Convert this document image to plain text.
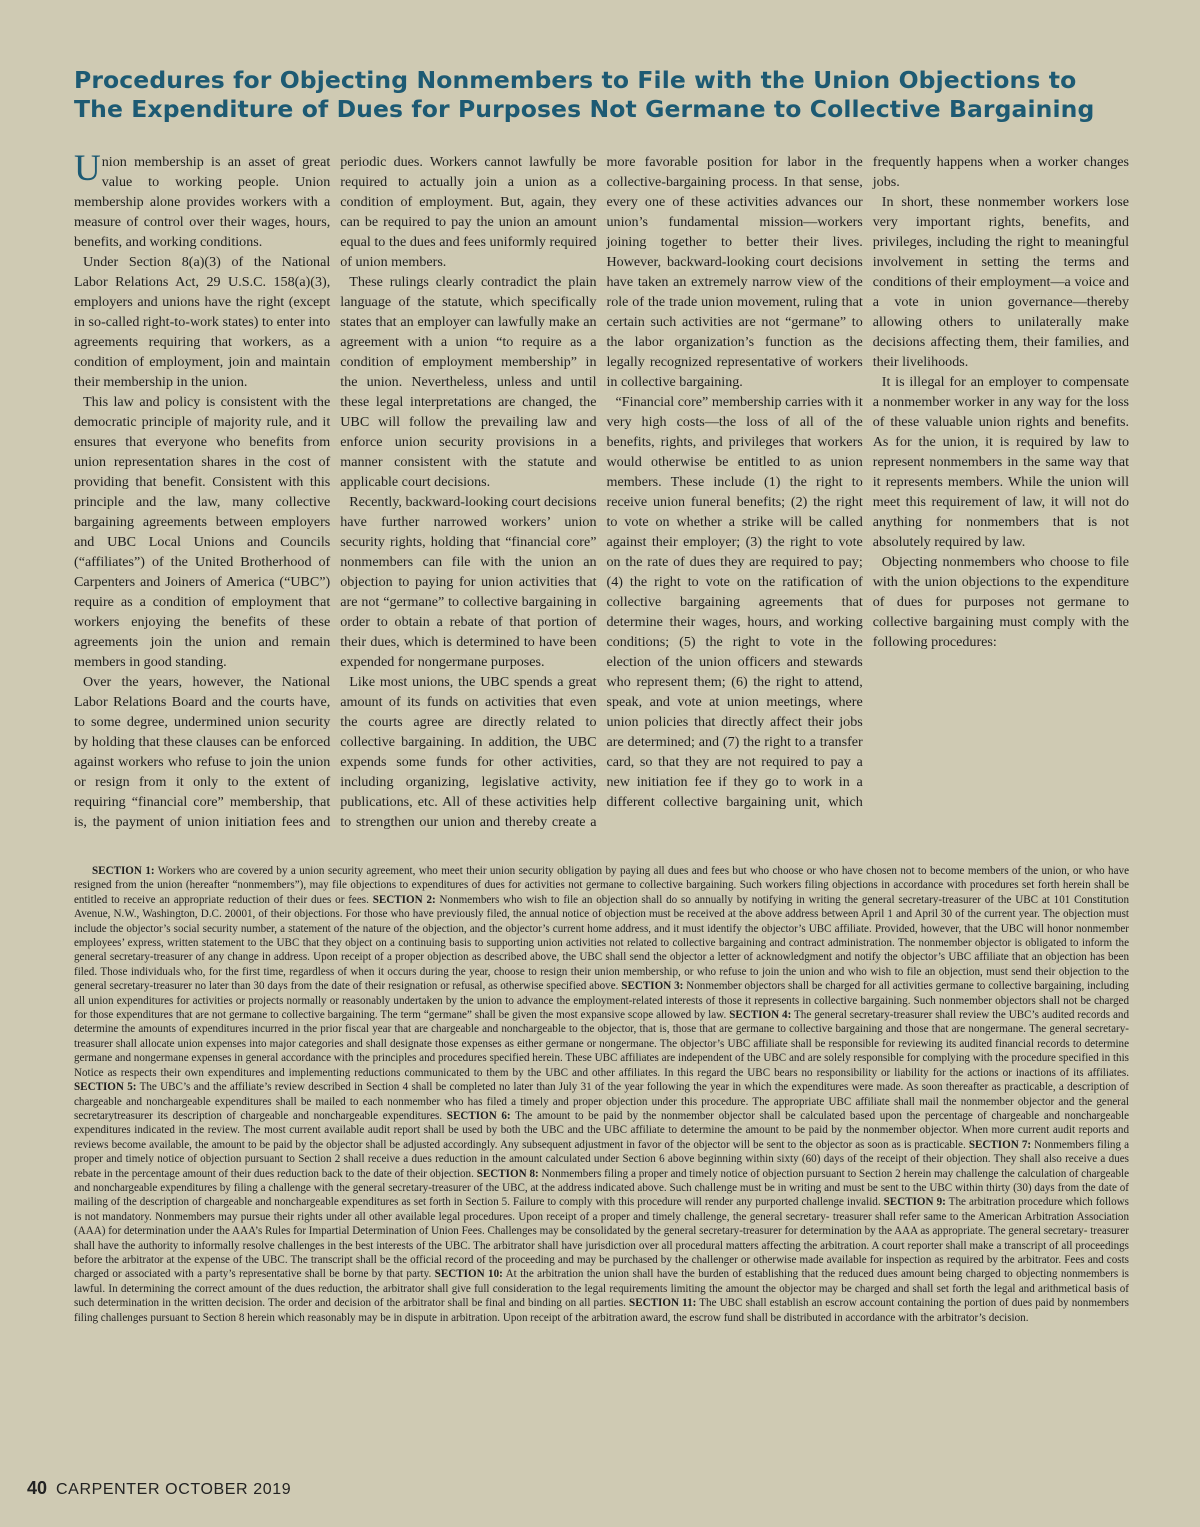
Procedures for Objecting Nonmembers to File with the Union Objections to
The Expenditure of Dues for Purposes Not Germane to Collective Bargaining

Union membership is an asset of great value to working people. Union membership alone provides workers with a measure of control over their wages, hours, benefits, and working conditions.

Under Section 8(a)(3) of the National Labor Relations Act, 29 U.S.C. 158(a)(3), employers and unions have the right (except in so-called right-to-work states) to enter into agreements requiring that workers, as a condition of employment, join and maintain their membership in the union.

This law and policy is consistent with the democratic principle of majority rule, and it ensures that everyone who benefits from union representation shares in the cost of providing that benefit. Consistent with this principle and the law, many collective bargaining agreements between employers and UBC Local Unions and Councils (“affiliates”) of the United Brotherhood of Carpenters and Joiners of America (“UBC”) require as a condition of employment that workers enjoying the benefits of these agreements join the union and remain members in good standing.

Over the years, however, the National Labor Relations Board and the courts have, to some degree, undermined union security by holding that these clauses can be enforced against workers who refuse to join the union or resign from it only to the extent of requiring “financial core” membership, that is, the payment of union initiation fees and periodic dues. Workers cannot lawfully be required to actually join a union as a condition of employment. But, again, they can be required to pay the union an amount equal to the dues and fees uniformly required of union members.

These rulings clearly contradict the plain language of the statute, which specifically states that an employer can lawfully make an agreement with a union “to require as a condition of employment membership” in the union. Nevertheless, unless and until these legal interpretations are changed, the UBC will follow the prevailing law and enforce union security provisions in a manner consistent with the statute and applicable court decisions.

Recently, backward-looking court decisions have further narrowed workers’ union security rights, holding that “financial core” nonmembers can file with the union an objection to paying for union activities that are not “germane” to collective bargaining in order to obtain a rebate of that portion of their dues, which is determined to have been expended for nongermane purposes.

Like most unions, the UBC spends a great amount of its funds on activities that even the courts agree are directly related to collective bargaining. In addition, the UBC expends some funds for other activities, including organizing, legislative activity, publications, etc. All of these activities help to strengthen our union and thereby create a more favorable position for labor in the collective-bargaining process. In that sense, every one of these activities advances our union’s fundamental mission—workers joining together to better their lives. However, backward-looking court decisions have taken an extremely narrow view of the role of the trade union movement, ruling that certain such activities are not “germane” to the labor organization’s function as the legally recognized representative of workers in collective bargaining.

“Financial core” membership carries with it very high costs—the loss of all of the benefits, rights, and privileges that workers would otherwise be entitled to as union members. These include (1) the right to receive union funeral benefits; (2) the right to vote on whether a strike will be called against their employer; (3) the right to vote on the rate of dues they are required to pay; (4) the right to vote on the ratification of collective bargaining agreements that determine their wages, hours, and working conditions; (5) the right to vote in the election of the union officers and stewards who represent them; (6) the right to attend, speak, and vote at union meetings, where union policies that directly affect their jobs are determined; and (7) the right to a transfer card, so that they are not required to pay a new initiation fee if they go to work in a different collective bargaining unit, which frequently happens when a worker changes jobs.

In short, these nonmember workers lose very important rights, benefits, and privileges, including the right to meaningful involvement in setting the terms and conditions of their employment—a voice and a vote in union governance—thereby allowing others to unilaterally make decisions affecting them, their families, and their livelihoods.

It is illegal for an employer to compensate a nonmember worker in any way for the loss of these valuable union rights and benefits. As for the union, it is required by law to represent nonmembers in the same way that it represents members. While the union will meet this requirement of law, it will not do anything for nonmembers that is not absolutely required by law.

Objecting nonmembers who choose to file with the union objections to the expenditure of dues for purposes not germane to collective bargaining must comply with the following procedures:

SECTION 1: Workers who are covered by a union security agreement, who meet their union security obligation by paying all dues and fees but who choose or who have chosen not to become members of the union, or who have resigned from the union (hereafter “nonmembers”), may file objections to expenditures of dues for activities not germane to collective bargaining. Such workers filing objections in accordance with procedures set forth herein shall be entitled to receive an appropriate reduction of their dues or fees. SECTION 2: Nonmembers who wish to file an objection shall do so annually by notifying in writing the general secretary-treasurer of the UBC at 101 Constitution Avenue, N.W., Washington, D.C. 20001, of their objections. For those who have previously filed, the annual notice of objection must be received at the above address between April 1 and April 30 of the current year. The objection must include the objector’s social security number, a statement of the nature of the objection, and the objector’s current home address, and it must identify the objector’s UBC affiliate. Provided, however, that the UBC will honor nonmember employees’ express, written statement to the UBC that they object on a continuing basis to supporting union activities not related to collective bargaining and contract administration. The nonmember objector is obligated to inform the general secretary-treasurer of any change in address. Upon receipt of a proper objection as described above, the UBC shall send the objector a letter of acknowledgment and notify the objector’s UBC affiliate that an objection has been filed. Those individuals who, for the first time, regardless of when it occurs during the year, choose to resign their union membership, or who refuse to join the union and who wish to file an objection, must send their objection to the general secretary-treasurer no later than 30 days from the date of their resignation or refusal, as otherwise specified above. SECTION 3: Nonmember objectors shall be charged for all activities germane to collective bargaining, including all union expenditures for activities or projects normally or reasonably undertaken by the union to advance the employment-related interests of those it represents in collective bargaining. Such nonmember objectors shall not be charged for those expenditures that are not germane to collective bargaining. The term “germane” shall be given the most expansive scope allowed by law. SECTION 4: The general secretary-treasurer shall review the UBC’s audited records and determine the amounts of expenditures incurred in the prior fiscal year that are chargeable and nonchargeable to the objector, that is, those that are germane to collective bargaining and those that are nongermane. The general secretary-treasurer shall allocate union expenses into major categories and shall designate those expenses as either germane or nongermane. The objector’s UBC affiliate shall be responsible for reviewing its audited financial records to determine germane and nongermane expenses in general accordance with the principles and procedures specified herein. These UBC affiliates are independent of the UBC and are solely responsible for complying with the procedure specified in this Notice as respects their own expenditures and implementing reductions communicated to them by the UBC and other affiliates. In this regard the UBC bears no responsibility or liability for the actions or inactions of its affiliates. SECTION 5: The UBC’s and the affiliate’s review described in Section 4 shall be completed no later than July 31 of the year following the year in which the expenditures were made. As soon thereafter as practicable, a description of chargeable and nonchargeable expenditures shall be mailed to each nonmember who has filed a timely and proper objection under this procedure. The appropriate UBC affiliate shall mail the nonmember objector and the general secretarytreasurer its description of chargeable and nonchargeable expenditures. SECTION 6: The amount to be paid by the nonmember objector shall be calculated based upon the percentage of chargeable and nonchargeable expenditures indicated in the review. The most current available audit report shall be used by both the UBC and the UBC affiliate to determine the amount to be paid by the nonmember objector. When more current audit reports and reviews become available, the amount to be paid by the objector shall be adjusted accordingly. Any subsequent adjustment in favor of the objector will be sent to the objector as soon as is practicable. SECTION 7: Nonmembers filing a proper and timely notice of objection pursuant to Section 2 shall receive a dues reduction in the amount calculated under Section 6 above beginning within sixty (60) days of the receipt of their objection. They shall also receive a dues rebate in the percentage amount of their dues reduction back to the date of their objection. SECTION 8: Nonmembers filing a proper and timely notice of objection pursuant to Section 2 herein may challenge the calculation of chargeable and nonchargeable expenditures by filing a challenge with the general secretary-treasurer of the UBC, at the address indicated above. Such challenge must be in writing and must be sent to the UBC within thirty (30) days from the date of mailing of the description of chargeable and nonchargeable expenditures as set forth in Section 5. Failure to comply with this procedure will render any purported challenge invalid. SECTION 9: The arbitration procedure which follows is not mandatory. Nonmembers may pursue their rights under all other available legal procedures. Upon receipt of a proper and timely challenge, the general secretary- treasurer shall refer same to the American Arbitration Association (AAA) for determination under the AAA’s Rules for Impartial Determination of Union Fees. Challenges may be consolidated by the general secretary-treasurer for determination by the AAA as appropriate. The general secretary- treasurer shall have the authority to informally resolve challenges in the best interests of the UBC. The arbitrator shall have jurisdiction over all procedural matters affecting the arbitration. A court reporter shall make a transcript of all proceedings before the arbitrator at the expense of the UBC. The transcript shall be the official record of the proceeding and may be purchased by the challenger or otherwise made available for inspection as required by the arbitrator. Fees and costs charged or associated with a party’s representative shall be borne by that party. SECTION 10: At the arbitration the union shall have the burden of establishing that the reduced dues amount being charged to objecting nonmembers is lawful. In determining the correct amount of the dues reduction, the arbitrator shall give full consideration to the legal requirements limiting the amount the objector may be charged and shall set forth the legal and arithmetical basis of such determination in the written decision. The order and decision of the arbitrator shall be final and binding on all parties. SECTION 11: The UBC shall establish an escrow account containing the portion of dues paid by nonmembers filing challenges pursuant to Section 8 herein which reasonably may be in dispute in arbitration. Upon receipt of the arbitration award, the escrow fund shall be distributed in accordance with the arbitrator’s decision.

40 CARPENTER OCTOBER 2019
